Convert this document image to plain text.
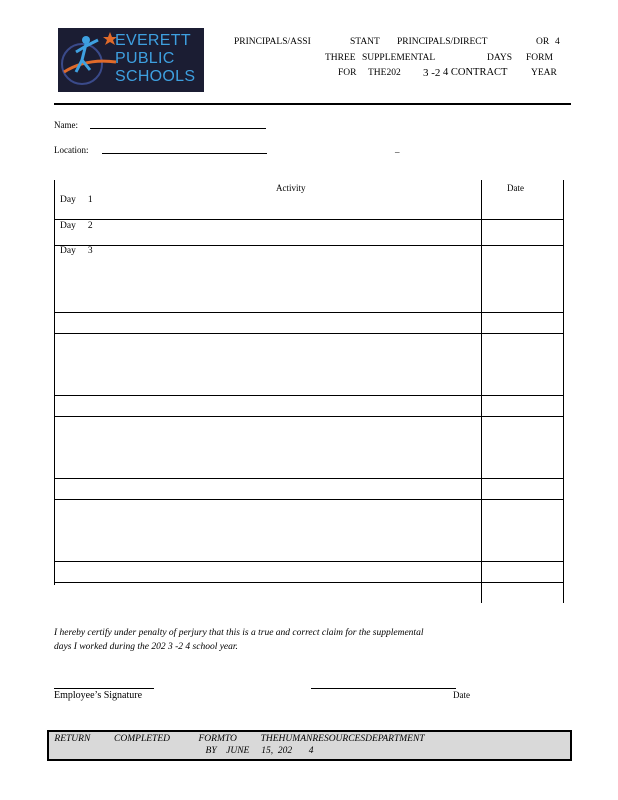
EVERETT
PUBLIC
SCHOOLS
PRINCIPALS/ASSI	STANT PRINCIPALS/DIRECT	OR 4
THREE SUPPLEMENTAL	DAYS FORM
FOR THE202 3 -2 4 CONTRACT YEAR
Name:
Location:	_
Activity	Date
Day 1
Day 2
Day 3
I hereby certify under penalty of perjury that this is a true and correct claim for the supplemental
days I worked during the 202 3 -2 4 school year.
Employee’s Signature	Date
RETURN          COMPLETED            FORMTO          THEHUMANRESOURCESDEPARTMENT
BY    JUNE     15,  202       4
